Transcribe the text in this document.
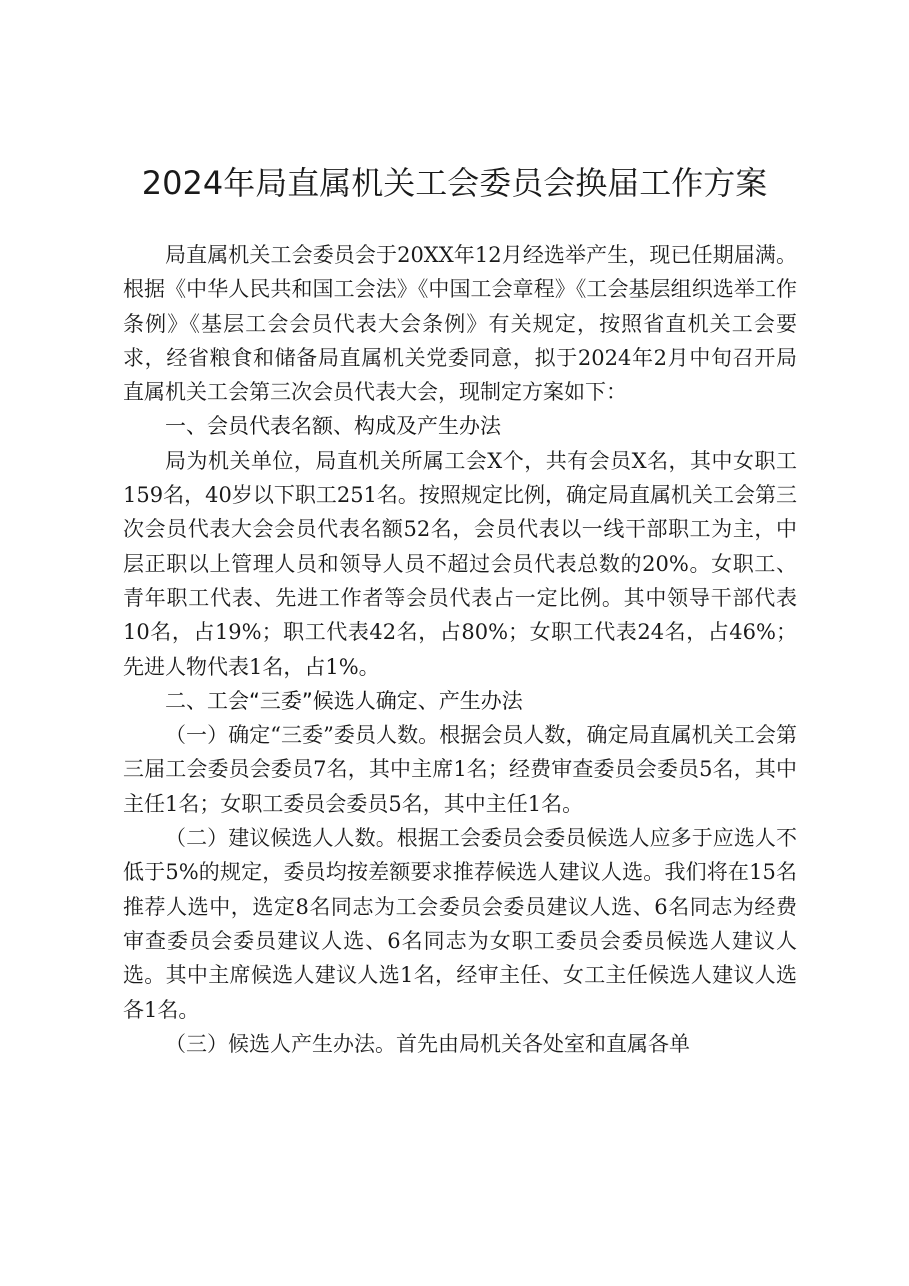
2024年局直属机关工会委员会换届工作方案

局直属机关工会委员会于20XX年12月经选举产生，现已任期届满。根据《中华人民共和国工会法》《中国工会章程》《工会基层组织选举工作条例》《基层工会会员代表大会条例》有关规定，按照省直机关工会要求，经省粮食和储备局直属机关党委同意，拟于2024年2月中旬召开局直属机关工会第三次会员代表大会，现制定方案如下：

一、会员代表名额、构成及产生办法

局为机关单位，局直机关所属工会X个，共有会员X名，其中女职工159名，40岁以下职工251名。按照规定比例，确定局直属机关工会第三次会员代表大会会员代表名额52名，会员代表以一线干部职工为主，中层正职以上管理人员和领导人员不超过会员代表总数的20%。女职工、青年职工代表、先进工作者等会员代表占一定比例。其中领导干部代表10名，占19%；职工代表42名，占80%；女职工代表24名，占46%；先进人物代表1名，占1%。

二、工会“三委”候选人确定、产生办法

（一）确定“三委”委员人数。根据会员人数，确定局直属机关工会第三届工会委员会委员7名，其中主席1名；经费审查委员会委员5名，其中主任1名；女职工委员会委员5名，其中主任1名。

（二）建议候选人人数。根据工会委员会委员候选人应多于应选人不低于5%的规定，委员均按差额要求推荐候选人建议人选。我们将在15名推荐人选中，选定8名同志为工会委员会委员建议人选、6名同志为经费审查委员会委员建议人选、6名同志为女职工委员会委员候选人建议人选。其中主席候选人建议人选1名，经审主任、女工主任候选人建议人选各1名。

（三）候选人产生办法。首先由局机关各处室和直属各单
